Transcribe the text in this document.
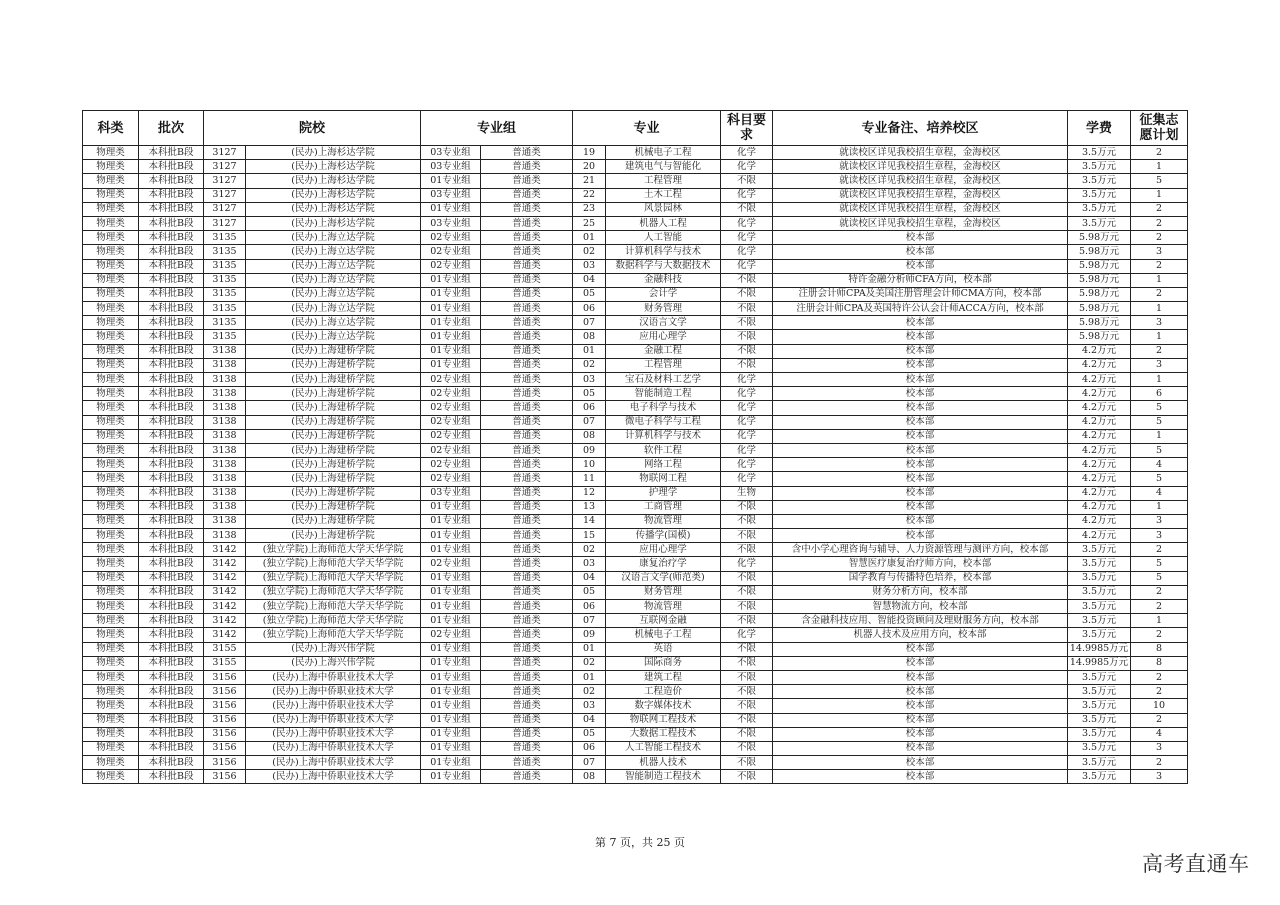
科类	批次	院校		专业组		专业		科目要求	专业备注、培养校区	学费	征集志愿计划
物理类	本科批B段	3127	(民办)上海杉达学院	03专业组	普通类	19	机械电子工程	化学	就读校区详见我校招生章程，金海校区	3.5万元	2
物理类	本科批B段	3127	(民办)上海杉达学院	03专业组	普通类	20	建筑电气与智能化	化学	就读校区详见我校招生章程，金海校区	3.5万元	1
物理类	本科批B段	3127	(民办)上海杉达学院	01专业组	普通类	21	工程管理	不限	就读校区详见我校招生章程，金海校区	3.5万元	5
物理类	本科批B段	3127	(民办)上海杉达学院	03专业组	普通类	22	土木工程	化学	就读校区详见我校招生章程，金海校区	3.5万元	1
物理类	本科批B段	3127	(民办)上海杉达学院	01专业组	普通类	23	风景园林	不限	就读校区详见我校招生章程，金海校区	3.5万元	2
物理类	本科批B段	3127	(民办)上海杉达学院	03专业组	普通类	25	机器人工程	化学	就读校区详见我校招生章程，金海校区	3.5万元	2
物理类	本科批B段	3135	(民办)上海立达学院	02专业组	普通类	01	人工智能	化学	校本部	5.98万元	2
物理类	本科批B段	3135	(民办)上海立达学院	02专业组	普通类	02	计算机科学与技术	化学	校本部	5.98万元	3
物理类	本科批B段	3135	(民办)上海立达学院	02专业组	普通类	03	数据科学与大数据技术	化学	校本部	5.98万元	2
物理类	本科批B段	3135	(民办)上海立达学院	01专业组	普通类	04	金融科技	不限	特许金融分析师CFA方向，校本部	5.98万元	1
物理类	本科批B段	3135	(民办)上海立达学院	01专业组	普通类	05	会计学	不限	注册会计师CPA及美国注册管理会计师CMA方向，校本部	5.98万元	2
物理类	本科批B段	3135	(民办)上海立达学院	01专业组	普通类	06	财务管理	不限	注册会计师CPA及英国特许公认会计师ACCA方向，校本部	5.98万元	1
物理类	本科批B段	3135	(民办)上海立达学院	01专业组	普通类	07	汉语言文学	不限	校本部	5.98万元	3
物理类	本科批B段	3135	(民办)上海立达学院	01专业组	普通类	08	应用心理学	不限	校本部	5.98万元	1
物理类	本科批B段	3138	(民办)上海建桥学院	01专业组	普通类	01	金融工程	不限	校本部	4.2万元	2
物理类	本科批B段	3138	(民办)上海建桥学院	01专业组	普通类	02	工程管理	不限	校本部	4.2万元	3
物理类	本科批B段	3138	(民办)上海建桥学院	02专业组	普通类	03	宝石及材料工艺学	化学	校本部	4.2万元	1
物理类	本科批B段	3138	(民办)上海建桥学院	02专业组	普通类	05	智能制造工程	化学	校本部	4.2万元	6
物理类	本科批B段	3138	(民办)上海建桥学院	02专业组	普通类	06	电子科学与技术	化学	校本部	4.2万元	5
物理类	本科批B段	3138	(民办)上海建桥学院	02专业组	普通类	07	微电子科学与工程	化学	校本部	4.2万元	5
物理类	本科批B段	3138	(民办)上海建桥学院	02专业组	普通类	08	计算机科学与技术	化学	校本部	4.2万元	1
物理类	本科批B段	3138	(民办)上海建桥学院	02专业组	普通类	09	软件工程	化学	校本部	4.2万元	5
物理类	本科批B段	3138	(民办)上海建桥学院	02专业组	普通类	10	网络工程	化学	校本部	4.2万元	4
物理类	本科批B段	3138	(民办)上海建桥学院	02专业组	普通类	11	物联网工程	化学	校本部	4.2万元	5
物理类	本科批B段	3138	(民办)上海建桥学院	03专业组	普通类	12	护理学	生物	校本部	4.2万元	4
物理类	本科批B段	3138	(民办)上海建桥学院	01专业组	普通类	13	工商管理	不限	校本部	4.2万元	1
物理类	本科批B段	3138	(民办)上海建桥学院	01专业组	普通类	14	物流管理	不限	校本部	4.2万元	3
物理类	本科批B段	3138	(民办)上海建桥学院	01专业组	普通类	15	传播学(国模)	不限	校本部	4.2万元	3
物理类	本科批B段	3142	(独立学院)上海师范大学天华学院	01专业组	普通类	02	应用心理学	不限	含中小学心理咨询与辅导、人力资源管理与测评方向，校本部	3.5万元	2
物理类	本科批B段	3142	(独立学院)上海师范大学天华学院	02专业组	普通类	03	康复治疗学	化学	智慧医疗康复治疗师方向，校本部	3.5万元	5
物理类	本科批B段	3142	(独立学院)上海师范大学天华学院	01专业组	普通类	04	汉语言文学(师范类)	不限	国学教育与传播特色培养，校本部	3.5万元	5
物理类	本科批B段	3142	(独立学院)上海师范大学天华学院	01专业组	普通类	05	财务管理	不限	财务分析方向，校本部	3.5万元	2
物理类	本科批B段	3142	(独立学院)上海师范大学天华学院	01专业组	普通类	06	物流管理	不限	智慧物流方向，校本部	3.5万元	2
物理类	本科批B段	3142	(独立学院)上海师范大学天华学院	01专业组	普通类	07	互联网金融	不限	含金融科技应用、智能投资顾问及理财服务方向，校本部	3.5万元	1
物理类	本科批B段	3142	(独立学院)上海师范大学天华学院	02专业组	普通类	09	机械电子工程	化学	机器人技术及应用方向，校本部	3.5万元	2
物理类	本科批B段	3155	(民办)上海兴伟学院	01专业组	普通类	01	英语	不限	校本部	14.9985万元	8
物理类	本科批B段	3155	(民办)上海兴伟学院	01专业组	普通类	02	国际商务	不限	校本部	14.9985万元	8
物理类	本科批B段	3156	(民办)上海中侨职业技术大学	01专业组	普通类	01	建筑工程	不限	校本部	3.5万元	2
物理类	本科批B段	3156	(民办)上海中侨职业技术大学	01专业组	普通类	02	工程造价	不限	校本部	3.5万元	2
物理类	本科批B段	3156	(民办)上海中侨职业技术大学	01专业组	普通类	03	数字媒体技术	不限	校本部	3.5万元	10
物理类	本科批B段	3156	(民办)上海中侨职业技术大学	01专业组	普通类	04	物联网工程技术	不限	校本部	3.5万元	2
物理类	本科批B段	3156	(民办)上海中侨职业技术大学	01专业组	普通类	05	大数据工程技术	不限	校本部	3.5万元	4
物理类	本科批B段	3156	(民办)上海中侨职业技术大学	01专业组	普通类	06	人工智能工程技术	不限	校本部	3.5万元	3
物理类	本科批B段	3156	(民办)上海中侨职业技术大学	01专业组	普通类	07	机器人技术	不限	校本部	3.5万元	2
物理类	本科批B段	3156	(民办)上海中侨职业技术大学	01专业组	普通类	08	智能制造工程技术	不限	校本部	3.5万元	3
第 7 页，共 25 页
高考直通车
